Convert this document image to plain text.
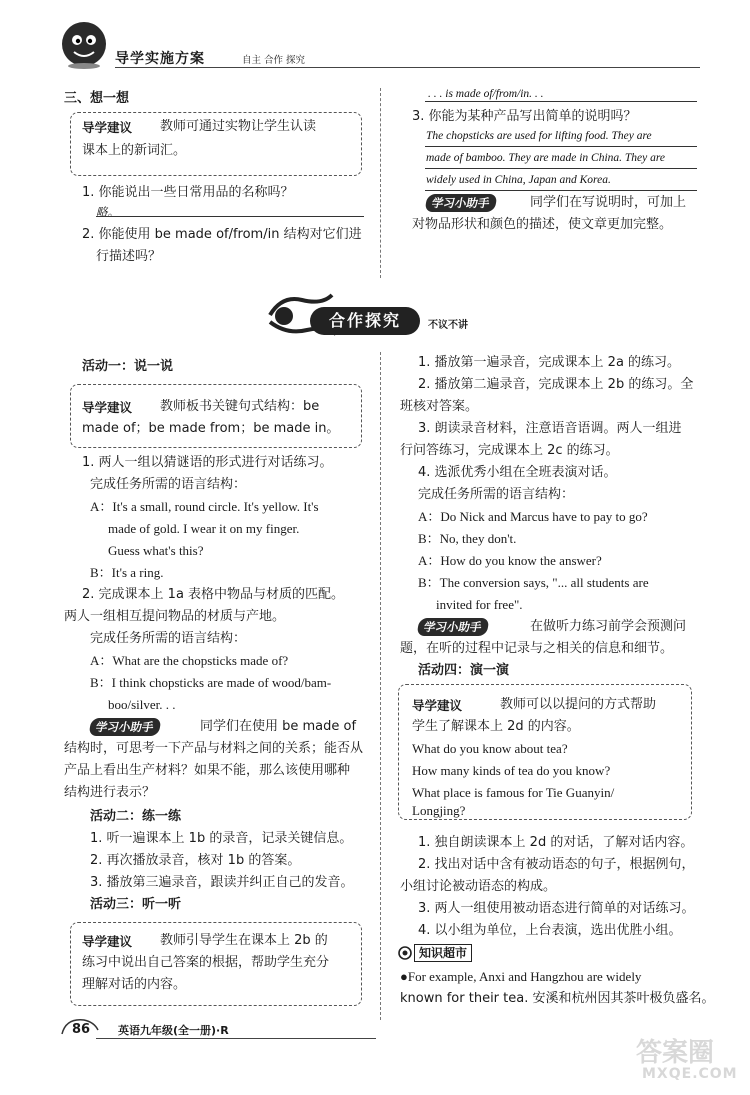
导学实施方案	自主 合作 探究
三、想一想
导学建议 教师可通过实物让学生认读
课本上的新词汇。
1. 你能说出一些日常用品的名称吗？
略。
2. 你能使用 be made of/from/in 结构对它们进
行描述吗？
. . . is made of/from/in. . .
3. 你能为某种产品写出简单的说明吗？
The chopsticks are used for lifting food. They are
made of bamboo. They are made in China. They are
widely used in China, Japan and Korea.
学习小助手	同学们在写说明时，可加上
对物品形状和颜色的描述，使文章更加完整。
合作探究	不议不讲
活动一：说一说
导学建议 教师板书关键句式结构：be
made of；be made from；be made in。
1. 两人一组以猜谜语的形式进行对话练习。
完成任务所需的语言结构：
A：It's a small, round circle. It's yellow. It's
made of gold. I wear it on my finger.
Guess what's this?
B：It's a ring.
2. 完成课本上 1a 表格中物品与材质的匹配。
两人一组相互提问物品的材质与产地。
完成任务所需的语言结构：
A：What are the chopsticks made of?
B：I think chopsticks are made of wood/bam-
boo/silver. . .
学习小助手	同学们在使用 be made of
结构时，可思考一下产品与材料之间的关系；能否从
产品上看出生产材料？如果不能，那么该使用哪种
结构进行表示？
活动二：练一练
1. 听一遍课本上 1b 的录音，记录关键信息。
2. 再次播放录音，核对 1b 的答案。
3. 播放第三遍录音，跟读并纠正自己的发音。
活动三：听一听
导学建议 教师引导学生在课本上 2b 的
练习中说出自己答案的根据，帮助学生充分
理解对话的内容。
1. 播放第一遍录音，完成课本上 2a 的练习。
2. 播放第二遍录音，完成课本上 2b 的练习。全
班核对答案。
3. 朗读录音材料，注意语音语调。两人一组进
行问答练习，完成课本上 2c 的练习。
4. 选派优秀小组在全班表演对话。
完成任务所需的语言结构：
A：Do Nick and Marcus have to pay to go?
B：No, they don't.
A：How do you know the answer?
B：The conversion says, "... all students are
invited for free".
学习小助手	在做听力练习前学会预测问
题，在听的过程中记录与之相关的信息和细节。
活动四：演一演
导学建议	教师可以以提问的方式帮助
学生了解课本上 2d 的内容。
What do you know about tea?
How many kinds of tea do you know?
What place is famous for Tie Guanyin/
Longjing?
1. 独自朗读课本上 2d 的对话，了解对话内容。
2. 找出对话中含有被动语态的句子，根据例句，
小组讨论被动语态的构成。
3. 两人一组使用被动语态进行简单的对话练习。
4. 以小组为单位，上台表演，选出优胜小组。
知识超市
●For example, Anxi and Hangzhou are widely
known for their tea. 安溪和杭州因其茶叶极负盛名。
86	英语九年级(全一册)·R
答案圈
MXQE.COM
